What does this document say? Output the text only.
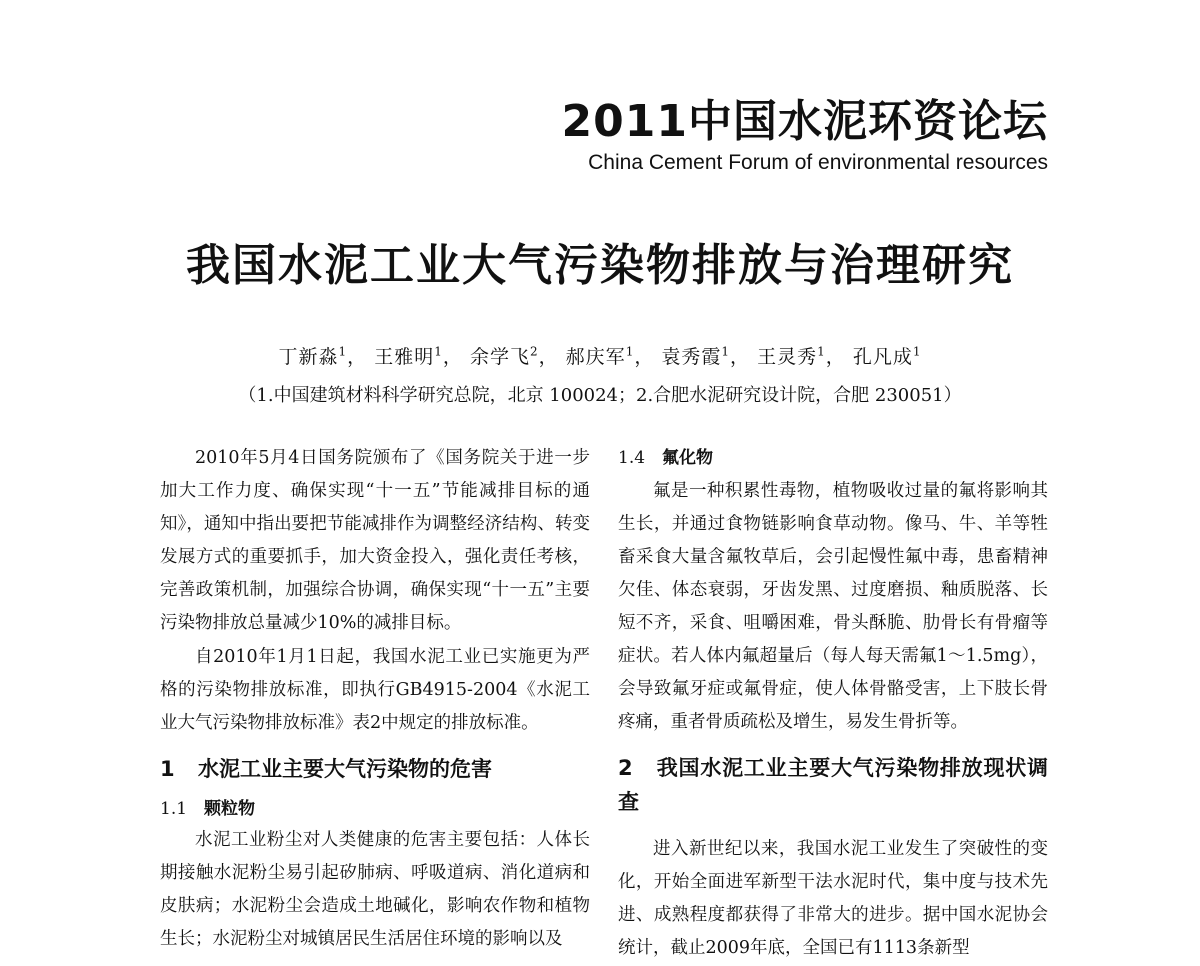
2011中国水泥环资论坛
China Cement Forum of environmental resources
我国水泥工业大气污染物排放与治理研究
丁新淼$^1$， 王雅明$^1$， 余学飞$^2$， 郝庆军$^1$， 袁秀霞$^1$， 王灵秀$^1$， 孔凡成$^1$
（1.中国建筑材料科学研究总院，北京 100024；2.合肥水泥研究设计院，合肥 230051）

2010年5月4日国务院颁布了《国务院关于进一步加大工作力度、确保实现“十一五”节能减排目标的通知》，通知中指出要把节能减排作为调整经济结构、转变发展方式的重要抓手，加大资金投入，强化责任考核，完善政策机制，加强综合协调，确保实现“十一五”主要污染物排放总量减少10%的减排目标。

自2010年1月1日起，我国水泥工业已实施更为严格的污染物排放标准，即执行GB4915-2004《水泥工业大气污染物排放标准》表2中规定的排放标准。

1 水泥工业主要大气污染物的危害
1.1 颗粒物

水泥工业粉尘对人类健康的危害主要包括：人体长期接触水泥粉尘易引起矽肺病、呼吸道病、消化道病和皮肤病；水泥粉尘会造成土地碱化，影响农作物和植物生长；水泥粉尘对城镇居民生活居住环境的影响以及

1.4 氟化物

氟是一种积累性毒物，植物吸收过量的氟将影响其生长，并通过食物链影响食草动物。像马、牛、羊等牲畜采食大量含氟牧草后，会引起慢性氟中毒，患畜精神欠佳、体态衰弱，牙齿发黑、过度磨损、釉质脱落、长短不齐，采食、咀嚼困难，骨头酥脆、肋骨长有骨瘤等症状。若人体内氟超量后（每人每天需氟1～1.5mg），会导致氟牙症或氟骨症，使人体骨骼受害，上下肢长骨疼痛，重者骨质疏松及增生，易发生骨折等。

2 我国水泥工业主要大气污染物排放现状调查

进入新世纪以来，我国水泥工业发生了突破性的变化，开始全面进军新型干法水泥时代，集中度与技术先进、成熟程度都获得了非常大的进步。据中国水泥协会统计，截止2009年底，全国已有1113条新型
